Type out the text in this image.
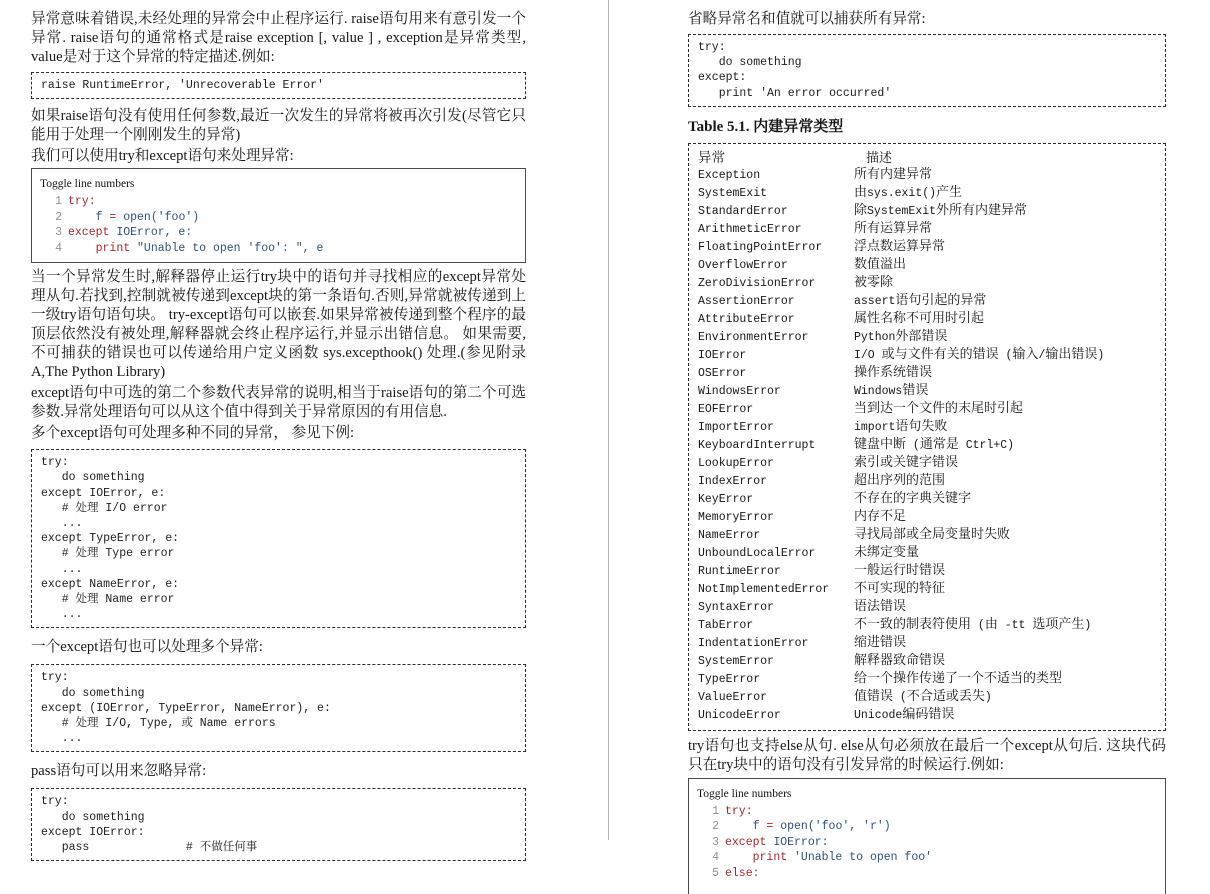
异常意味着错误,未经处理的异常会中止程序运行. raise语句用来有意引发一个异常. raise语句的通常格式是raise exception [, value ] , exception是异常类型, value是对于这个异常的特定描述.例如:

raise RuntimeError, 'Unrecoverable Error'

如果raise语句没有使用任何参数,最近一次发生的异常将被再次引发(尽管它只能用于处理一个刚刚发生的异常)

我们可以使用try和except语句来处理异常:

Toggle line numbers
1 try:
2    f = open('foo')
3 except IOError, e:
4	print "Unable to open 'foo': ", e

当一个异常发生时,解释器停止运行try块中的语句并寻找相应的except异常处理从句.若找到,控制就被传递到except块的第一条语句.否则,异常就被传递到上一级try语句语句块。 try-except语句可以嵌套.如果异常被传递到整个程序的最顶层依然没有被处理,解释器就会终止程序运行,并显示出错信息。 如果需要,不可捕获的错误也可以传递给用户定义函数 sys.excepthook() 处理.(参见附录A,The Python Library)

except语句中可选的第二个参数代表异常的说明,相当于raise语句的第二个可选参数.异常处理语句可以从这个值中得到关于异常原因的有用信息.

多个except语句可处理多种不同的异常， 参见下例:

try:
do something
except IOError, e:
# 处理 I/O error
...
except TypeError, e:
# 处理 Type error
...
except NameError, e:
# 处理 Name error
...

一个except语句也可以处理多个异常:

try:
do something
except (IOError, TypeError, NameError), e:
# 处理 I/O, Type, 或 Name errors
...

pass语句可以用来忽略异常:

try:
do something
except IOError:
pass              # 不做任何事

省略异常名和值就可以捕获所有异常:

try:
do something
except:
print 'An error occurred'
Table 5.1. 内建异常类型
异常	描述
Exception	所有内建异常
SystemExit	由sys.exit()产生
StandardError	除SystemExit外所有内建异常
ArithmeticError	所有运算异常
FloatingPointError	浮点数运算异常
OverflowError	数值溢出
ZeroDivisionError	被零除
AssertionError	assert语句引起的异常
AttributeError	属性名称不可用时引起
EnvironmentError	Python外部错误
IOError	I/O 或与文件有关的错误 (输入/输出错误)
OSError	操作系统错误
WindowsError	Windows错误
EOFError	当到达一个文件的末尾时引起
ImportError	import语句失败
KeyboardInterrupt	键盘中断 (通常是 Ctrl+C)
LookupError	索引或关键字错误
IndexError	超出序列的范围
KeyError	不存在的字典关键字
MemoryError	内存不足
NameError	寻找局部或全局变量时失败
UnboundLocalError	未绑定变量
RuntimeError	一般运行时错误
NotImplementedError	不可实现的特征
SyntaxError	语法错误
TabError	不一致的制表符使用 (由 -tt 选项产生)
IndentationError	缩进错误
SystemError	解释器致命错误
TypeError	给一个操作传递了一个不适当的类型
ValueError	值错误 (不合适或丢失)
UnicodeError	Unicode编码错误

try语句也支持else从句. else从句必须放在最后一个except从句后. 这块代码只在try块中的语句没有引发异常的时候运行.例如:

Toggle line numbers
1 try:
2    f = open('foo', 'r')
3 except IOError:
4	print 'Unable to open foo'
5 else:
